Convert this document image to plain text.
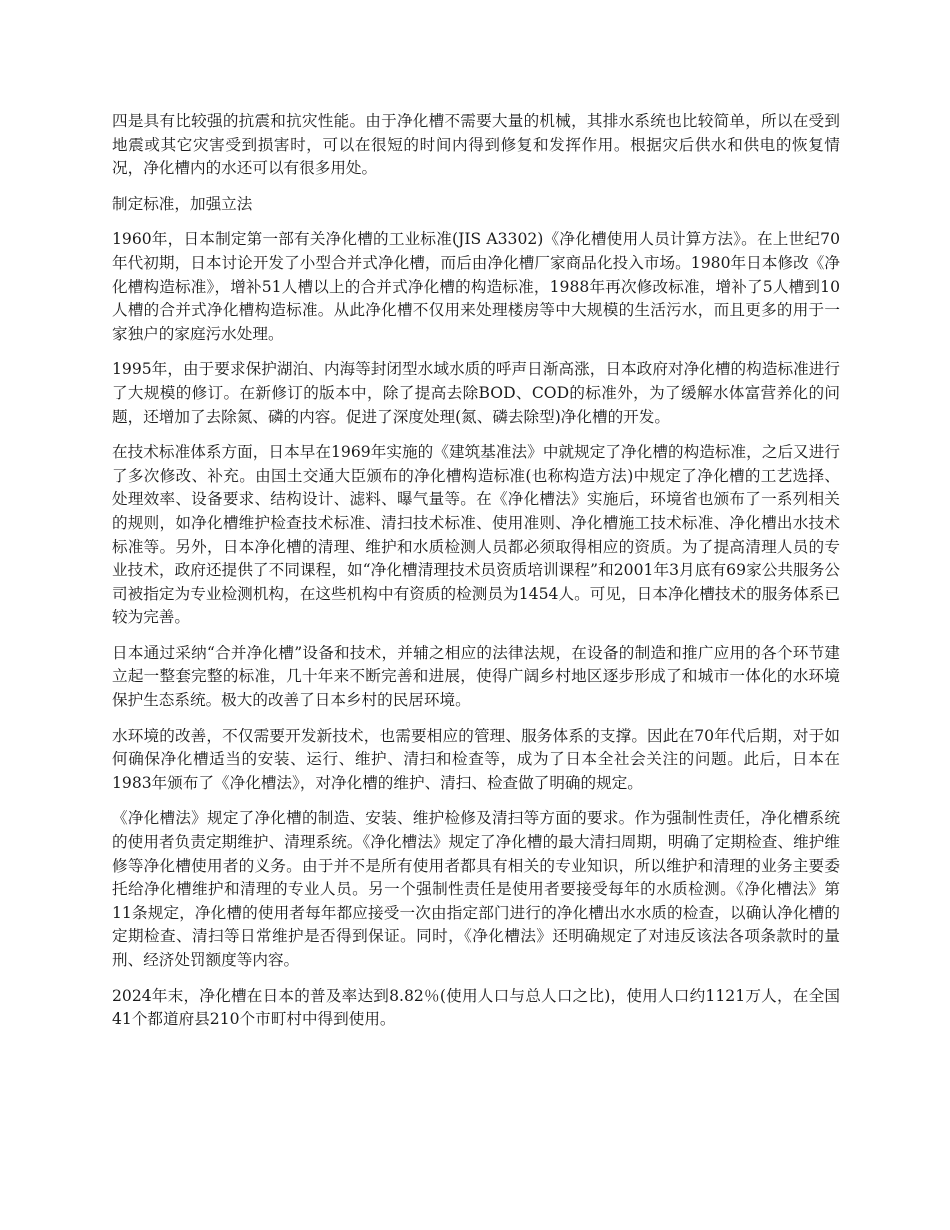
四是具有比较强的抗震和抗灾性能。由于净化槽不需要大量的机械，其排水系统也比较简单，所以在受到地震或其它灾害受到损害时，可以在很短的时间内得到修复和发挥作用。根据灾后供水和供电的恢复情况，净化槽内的水还可以有很多用处。

制定标准，加强立法

1960年，日本制定第一部有关净化槽的工业标准(JIS A3302)《净化槽使用人员计算方法》。在上世纪70年代初期，日本讨论开发了小型合并式净化槽，而后由净化槽厂家商品化投入市场。1980年日本修改《净化槽构造标准》，增补51人槽以上的合并式净化槽的构造标准，1988年再次修改标准，增补了5人槽到10人槽的合并式净化槽构造标准。从此净化槽不仅用来处理楼房等中大规模的生活污水，而且更多的用于一家独户的家庭污水处理。

1995年，由于要求保护湖泊、内海等封闭型水域水质的呼声日渐高涨，日本政府对净化槽的构造标准进行了大规模的修订。在新修订的版本中，除了提高去除BOD、COD的标准外，为了缓解水体富营养化的问题，还增加了去除氮、磷的内容。促进了深度处理(氮、磷去除型)净化槽的开发。

在技术标准体系方面，日本早在1969年实施的《建筑基准法》中就规定了净化槽的构造标准，之后又进行了多次修改、补充。由国土交通大臣颁布的净化槽构造标准(也称构造方法)中规定了净化槽的工艺选择、处理效率、设备要求、结构设计、滤料、曝气量等。在《净化槽法》实施后，环境省也颁布了一系列相关的规则，如净化槽维护检查技术标准、清扫技术标准、使用准则、净化槽施工技术标准、净化槽出水技术标准等。另外，日本净化槽的清理、维护和水质检测人员都必须取得相应的资质。为了提高清理人员的专业技术，政府还提供了不同课程，如“净化槽清理技术员资质培训课程”和2001年3月底有69家公共服务公司被指定为专业检测机构，在这些机构中有资质的检测员为1454人。可见，日本净化槽技术的服务体系已较为完善。

日本通过采纳“合并净化槽”设备和技术，并辅之相应的法律法规，在设备的制造和推广应用的各个环节建立起一整套完整的标准，几十年来不断完善和进展，使得广阔乡村地区逐步形成了和城市一体化的水环境保护生态系统。极大的改善了日本乡村的民居环境。

水环境的改善，不仅需要开发新技术，也需要相应的管理、服务体系的支撑。因此在70年代后期，对于如何确保净化槽适当的安装、运行、维护、清扫和检查等，成为了日本全社会关注的问题。此后，日本在1983年颁布了《净化槽法》，对净化槽的维护、清扫、检查做了明确的规定。

《净化槽法》规定了净化槽的制造、安装、维护检修及清扫等方面的要求。作为强制性责任，净化槽系统的使用者负责定期维护、清理系统。《净化槽法》规定了净化槽的最大清扫周期，明确了定期检查、维护维修等净化槽使用者的义务。由于并不是所有使用者都具有相关的专业知识，所以维护和清理的业务主要委托给净化槽维护和清理的专业人员。另一个强制性责任是使用者要接受每年的水质检测。《净化槽法》第11条规定，净化槽的使用者每年都应接受一次由指定部门进行的净化槽出水水质的检查，以确认净化槽的定期检查、清扫等日常维护是否得到保证。同时，《净化槽法》还明确规定了对违反该法各项条款时的量刑、经济处罚额度等内容。

2024年末，净化槽在日本的普及率达到8.82％(使用人口与总人口之比)，使用人口约1121万人，在全国41个都道府县210个市町村中得到使用。
